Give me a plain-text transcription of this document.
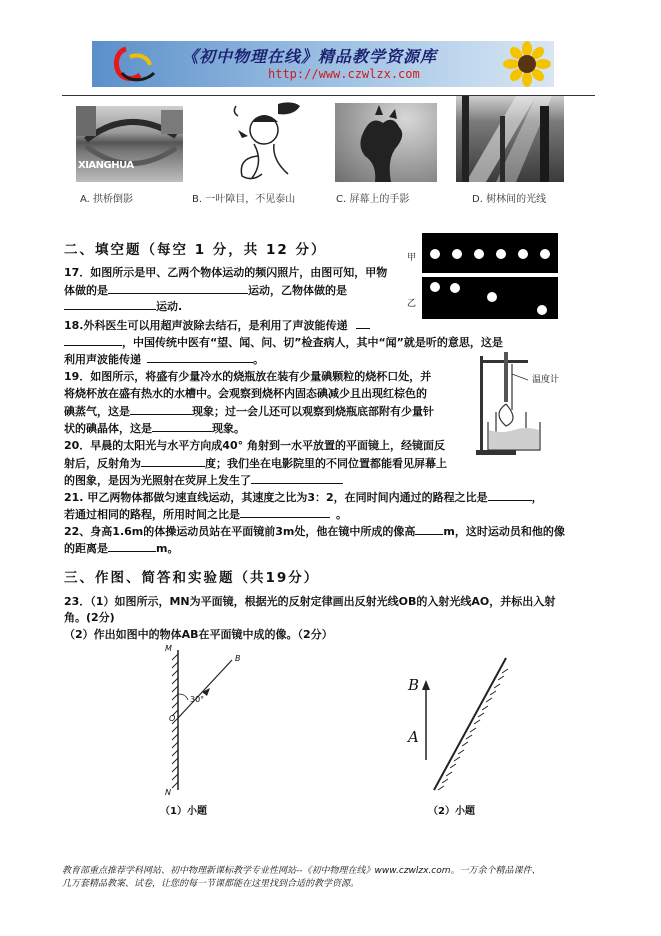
《初中物理在线》精品教学资源库
http://www.czwlzx.com
XIANGHUA
A. 拱桥倒影	B. 一叶障目，不见泰山	C. 屏幕上的手影	D. 树林间的光线
二、填空题（每空 1 分，共 12 分）	甲
乙
17．如图所示是甲、乙两个物体运动的频闪照片，由图可知，甲物
体做的是	运动，乙物体做的是
运动.
18.外科医生可以用超声波除去结石，是利用了声波能传递
，中国传统中医有“望、闻、问、切”检查病人，其中“闻”就是听的意思，这是
利用声波能传递	。
温度计
19．如图所示，将盛有少量冷水的烧瓶放在装有少量碘颗粒的烧杯口处，并
将烧杯放在盛有热水的水槽中。会观察到烧杯内固态碘减少且出现红棕色的
碘蒸气，这是	现象；过一会儿还可以观察到烧瓶底部附有少量针
状的碘晶体，这是	现象。
20．早晨的太阳光与水平方向成40° 角射到一水平放置的平面镜上，经镜面反
射后，反射角为	度；我们坐在电影院里的不同位置都能看见屏幕上
的图象，是因为光照射在荧屏上发生了
21. 甲乙两物体都做匀速直线运动，其速度之比为3：2，在同时间内通过的路程之比是	，
若通过相同的路程，所用时间之比是	。
22、身高1.6m的体操运动员站在平面镜前3m处，他在镜中所成的像高	m，这时运动员和他的像
的距离是	m。
三、作图、简答和实验题（共19分）
23．（1）如图所示，MN为平面镜，根据光的反射定律画出反射光线OB的入射光线AO，并标出入射
角。(2分)
（2）作出如图中的物体AB在平面镜中成的像。（2分）
M
N
O
B
30°
（1）小题
B
A
（2）小题
教育部重点推荐学科网站、初中物理新课标教学专业性网站--《初中物理在线》www.czwlzx.com。一万余个精品课件、
几万套精品教案、试卷，让您的每一节课都能在这里找到合适的教学资源。
